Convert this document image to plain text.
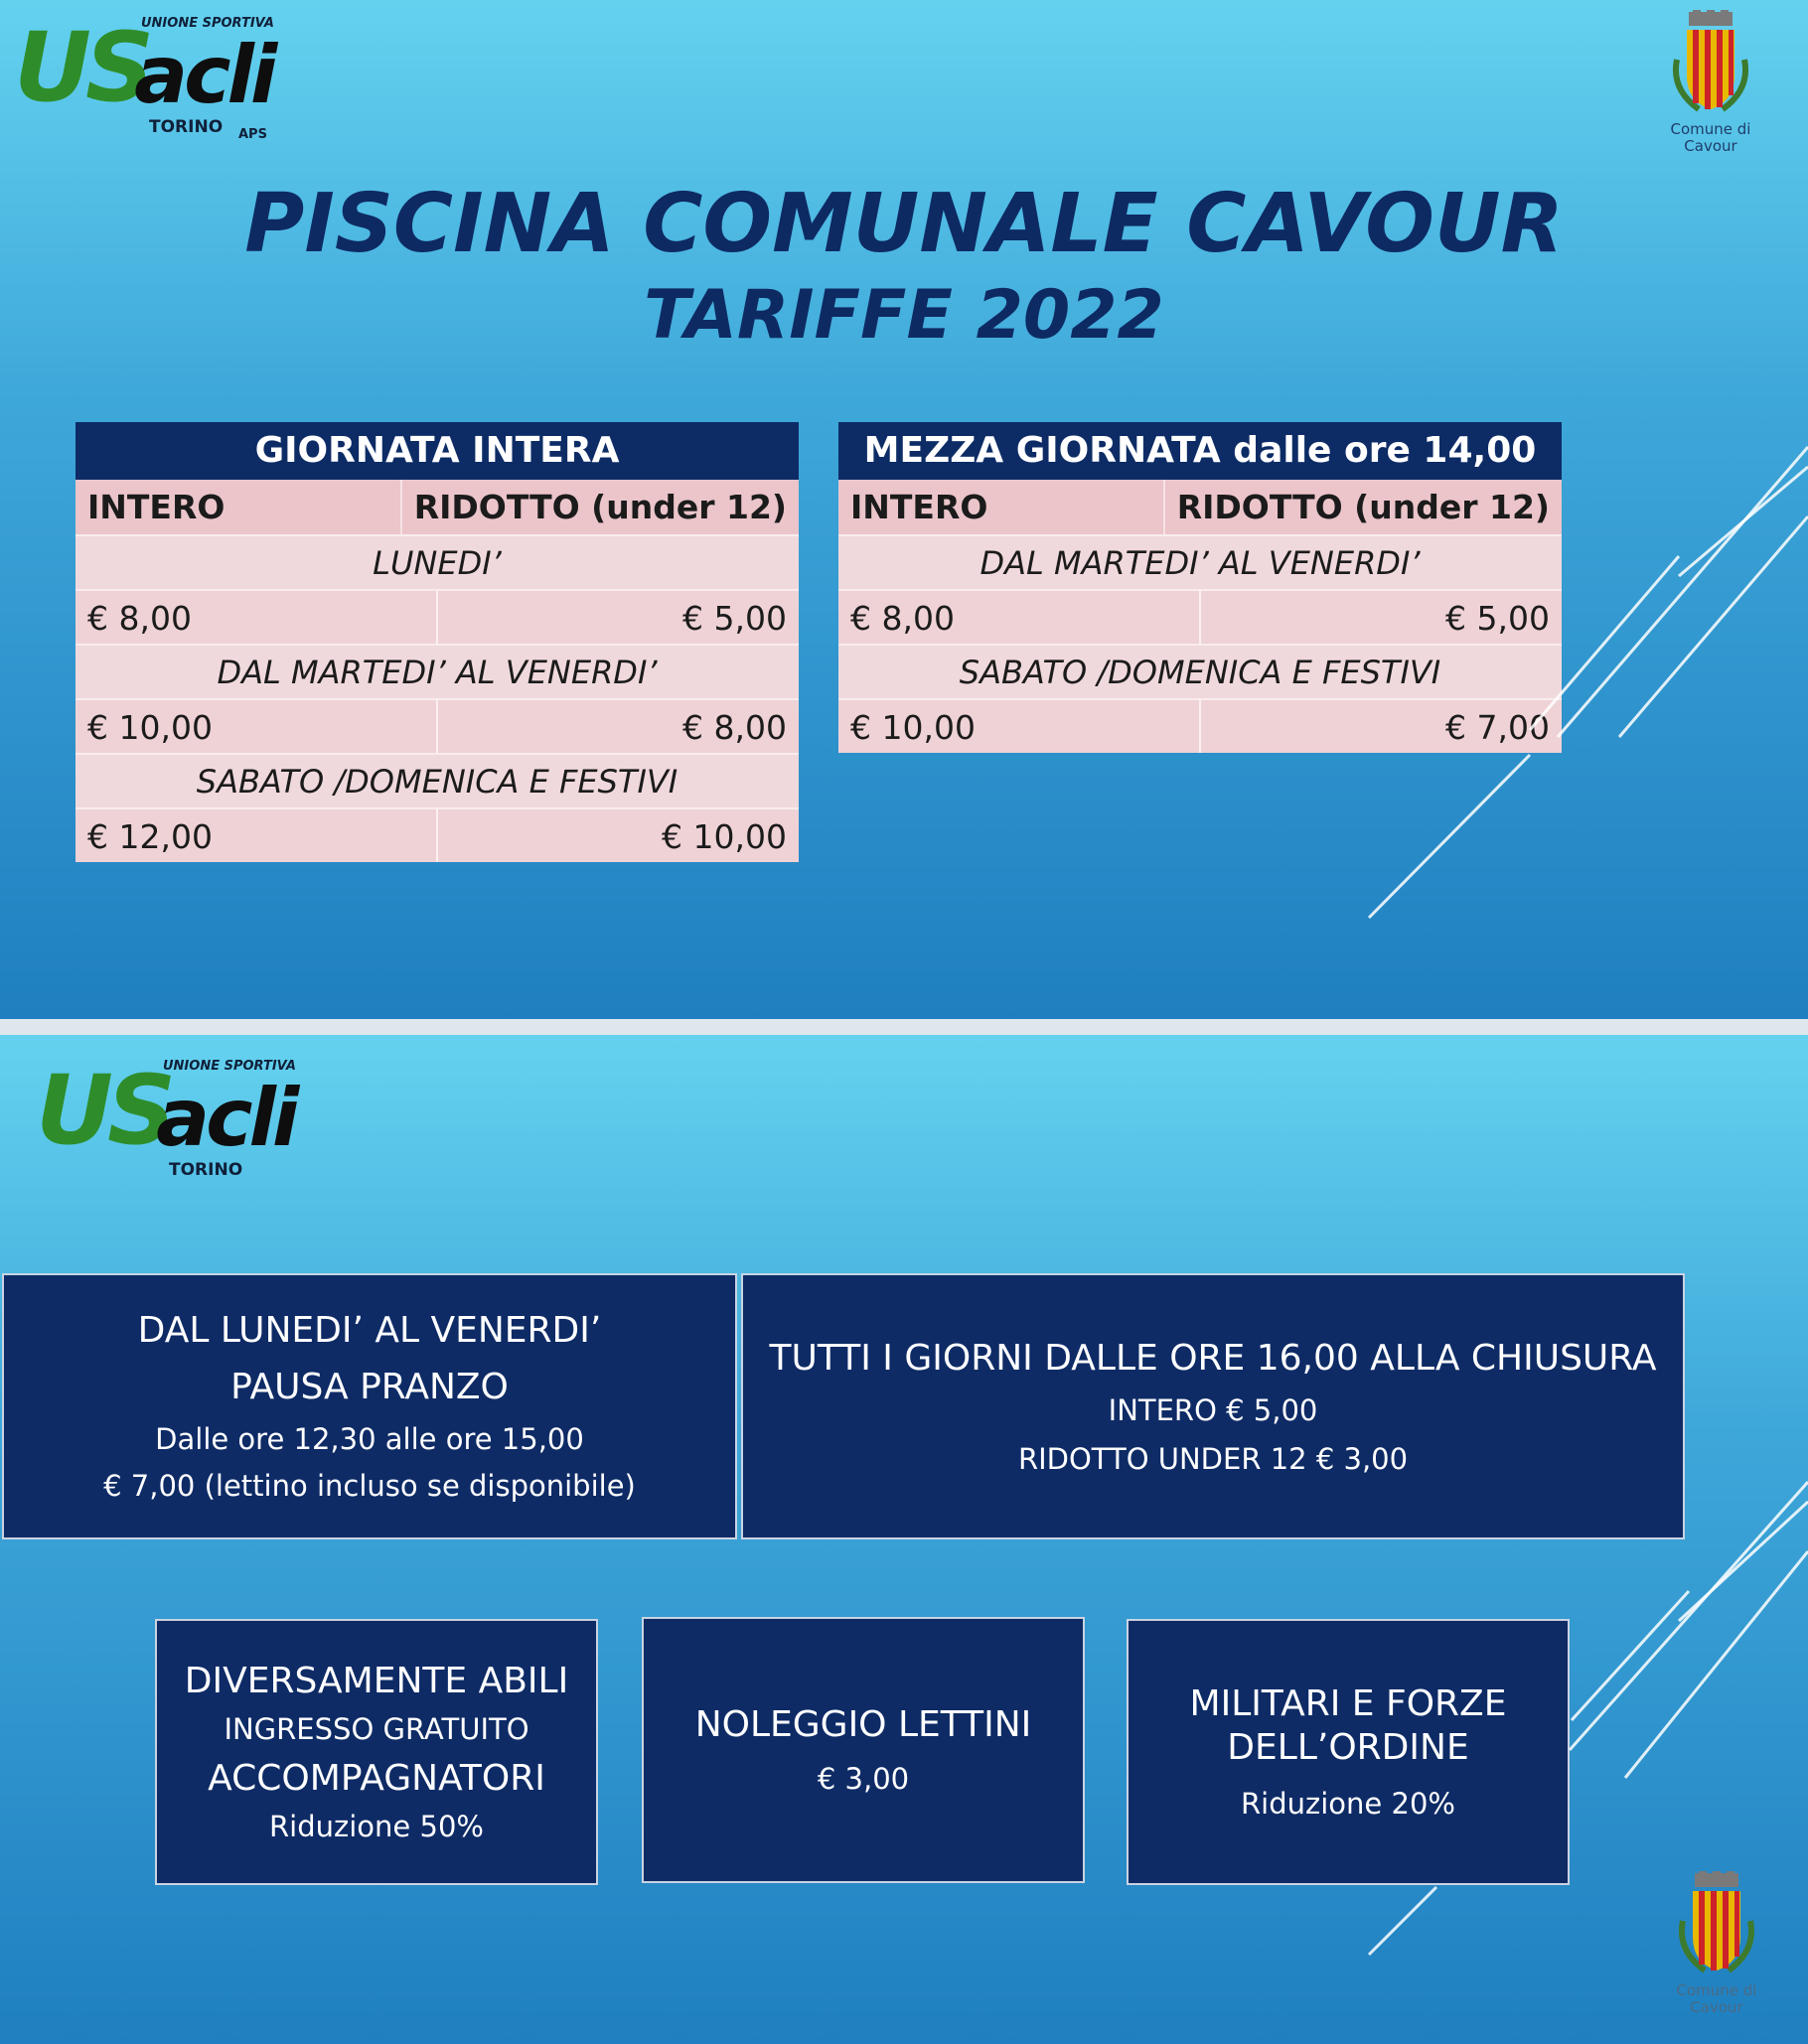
UNIONE SPORTIVA
US
acli
TORINO APS	Comune di
Cavour
PISCINA COMUNALE CAVOUR
TARIFFE 2022
GIORNATA INTERA
INTERO	RIDOTTO (under 12)
LUNEDI’
€ 8,00	€ 5,00
DAL MARTEDI’ AL VENERDI’
€ 10,00	€ 8,00
SABATO /DOMENICA E FESTIVI
€ 12,00	€ 10,00
MEZZA GIORNATA dalle ore 14,00
INTERO	RIDOTTO (under 12)
DAL MARTEDI’ AL VENERDI’
€ 8,00	€ 5,00
SABATO /DOMENICA E FESTIVI
€ 10,00	€ 7,00
UNIONE SPORTIVA
US
acli
TORINO
DAL LUNEDI’ AL VENERDI’
PAUSA PRANZO
Dalle ore 12,30 alle ore 15,00
€ 7,00 (lettino incluso se disponibile)
TUTTI I GIORNI DALLE ORE 16,00 ALLA CHIUSURA
INTERO € 5,00
RIDOTTO UNDER 12 € 3,00
DIVERSAMENTE ABILI
INGRESSO GRATUITO
ACCOMPAGNATORI
Riduzione 50%
NOLEGGIO LETTINI
€ 3,00
MILITARI E FORZE
DELL’ORDINE
Riduzione 20%
Comune di
Cavour
